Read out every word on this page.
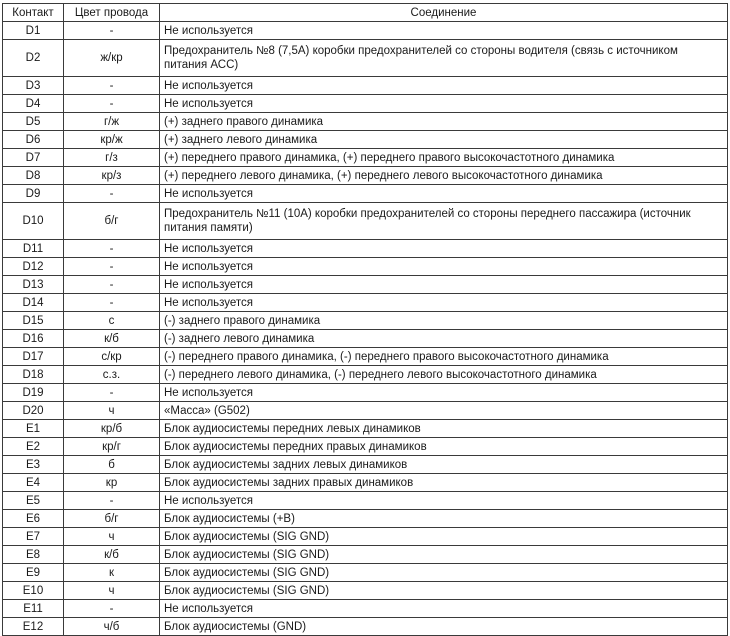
Контакт	Цвет провода	Соединение
D1	-	Не используется
D2	ж/кр	Предохранитель №8 (7,5А) коробки предохранителей со стороны водителя (связь с источником питания АСС)
D3	-	Не используется
D4	-	Не используется
D5	г/ж	(+) заднего правого динамика
D6	кр/ж	(+) заднего левого динамика
D7	г/з	(+) переднего правого динамика, (+) переднего правого высокочастотного динамика
D8	кр/з	(+) переднего левого динамика, (+) переднего левого высокочастотного динамика
D9	-	Не используется
D10	б/г	Предохранитель №11 (10А) коробки предохранителей со стороны переднего пассажира (источник питания памяти)
D11	-	Не используется
D12	-	Не используется
D13	-	Не используется
D14	-	Не используется
D15	с	(-) заднего правого динамика
D16	к/б	(-) заднего левого динамика
D17	с/кр	(-) переднего правого динамика, (-) переднего правого высокочастотного динамика
D18	с.з.	(-) переднего левого динамика, (-) переднего левого высокочастотного динамика
D19	-	Не используется
D20	ч	«Масса» (G502)
E1	кр/б	Блок аудиосистемы передних левых динамиков
E2	кр/г	Блок аудиосистемы передних правых динамиков
E3	б	Блок аудиосистемы задних левых динамиков
E4	кр	Блок аудиосистемы задних правых динамиков
E5	-	Не используется
E6	б/г	Блок аудиосистемы (+В)
E7	ч	Блок аудиосистемы (SIG GND)
E8	к/б	Блок аудиосистемы (SIG GND)
E9	к	Блок аудиосистемы (SIG GND)
E10	ч	Блок аудиосистемы (SIG GND)
E11	-	Не используется
E12	ч/б	Блок аудиосистемы (GND)
